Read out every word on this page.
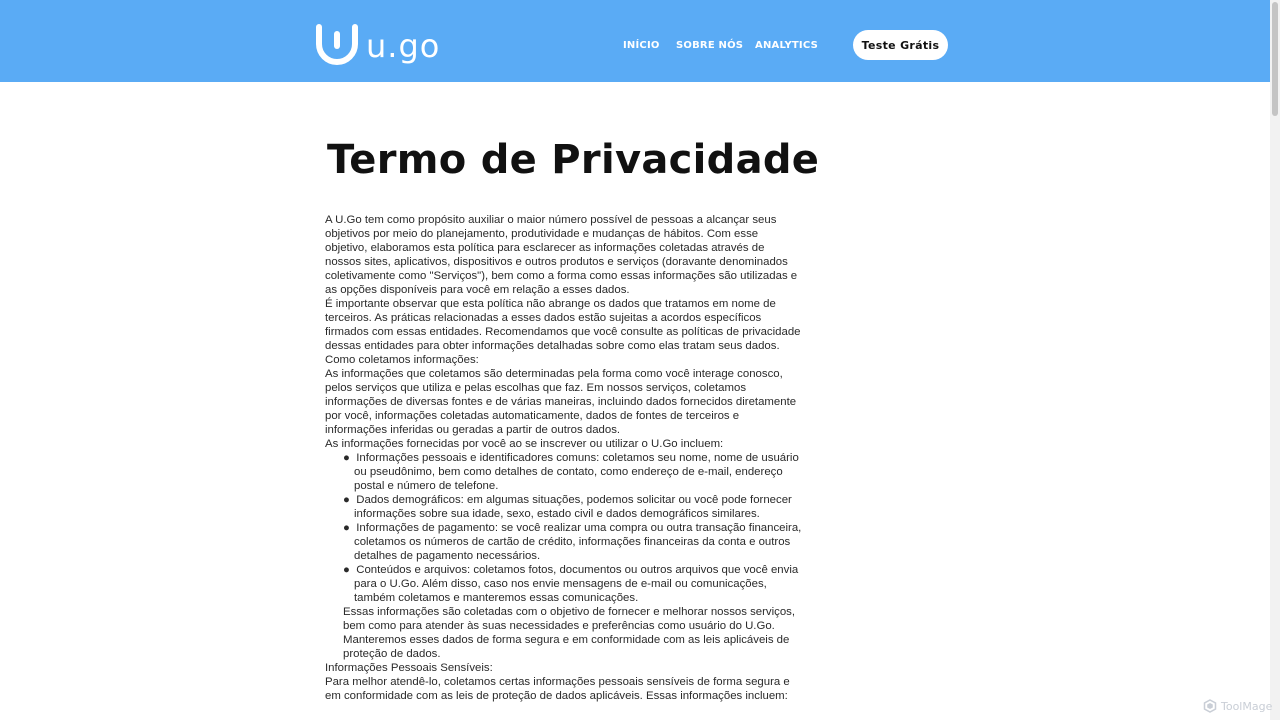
u.go	INÍCIO SOBRE NÓS ANALYTICS	Teste Grátis
Termo de Privacidade

A U.Go tem como propósito auxiliar o maior número possível de pessoas a alcançar seus objetivos por meio do planejamento, produtividade e mudanças de hábitos. Com esse objetivo, elaboramos esta política para esclarecer as informações coletadas através de nossos sites, aplicativos, dispositivos e outros produtos e serviços (doravante denominados coletivamente como "Serviços"), bem como a forma como essas informações são utilizadas e as opções disponíveis para você em relação a esses dados.

É importante observar que esta política não abrange os dados que tratamos em nome de terceiros. As práticas relacionadas a esses dados estão sujeitas a acordos específicos firmados com essas entidades. Recomendamos que você consulte as políticas de privacidade dessas entidades para obter informações detalhadas sobre como elas tratam seus dados.

Como coletamos informações:

As informações que coletamos são determinadas pela forma como você interage conosco, pelos serviços que utiliza e pelas escolhas que faz. Em nossos serviços, coletamos informações de diversas fontes e de várias maneiras, incluindo dados fornecidos diretamente por você, informações coletadas automaticamente, dados de fontes de terceiros e informações inferidas ou geradas a partir de outros dados.

As informações fornecidas por você ao se inscrever ou utilizar o U.Go incluem:

●  Informações pessoais e identificadores comuns: coletamos seu nome, nome de usuário ou pseudônimo, bem como detalhes de contato, como endereço de e-mail, endereço postal e número de telefone.
●  Dados demográficos: em algumas situações, podemos solicitar ou você pode fornecer informações sobre sua idade, sexo, estado civil e dados demográficos similares.
●  Informações de pagamento: se você realizar uma compra ou outra transação financeira, coletamos os números de cartão de crédito, informações financeiras da conta e outros detalhes de pagamento necessários.
●  Conteúdos e arquivos: coletamos fotos, documentos ou outros arquivos que você envia para o U.Go. Além disso, caso nos envie mensagens de e-mail ou comunicações, também coletamos e manteremos essas comunicações.

Essas informações são coletadas com o objetivo de fornecer e melhorar nossos serviços, bem como para atender às suas necessidades e preferências como usuário do U.Go. Manteremos esses dados de forma segura e em conformidade com as leis aplicáveis de proteção de dados.

Informações Pessoais Sensíveis:

Para melhor atendê-lo, coletamos certas informações pessoais sensíveis de forma segura e em conformidade com as leis de proteção de dados aplicáveis. Essas informações incluem:

ToolMage
